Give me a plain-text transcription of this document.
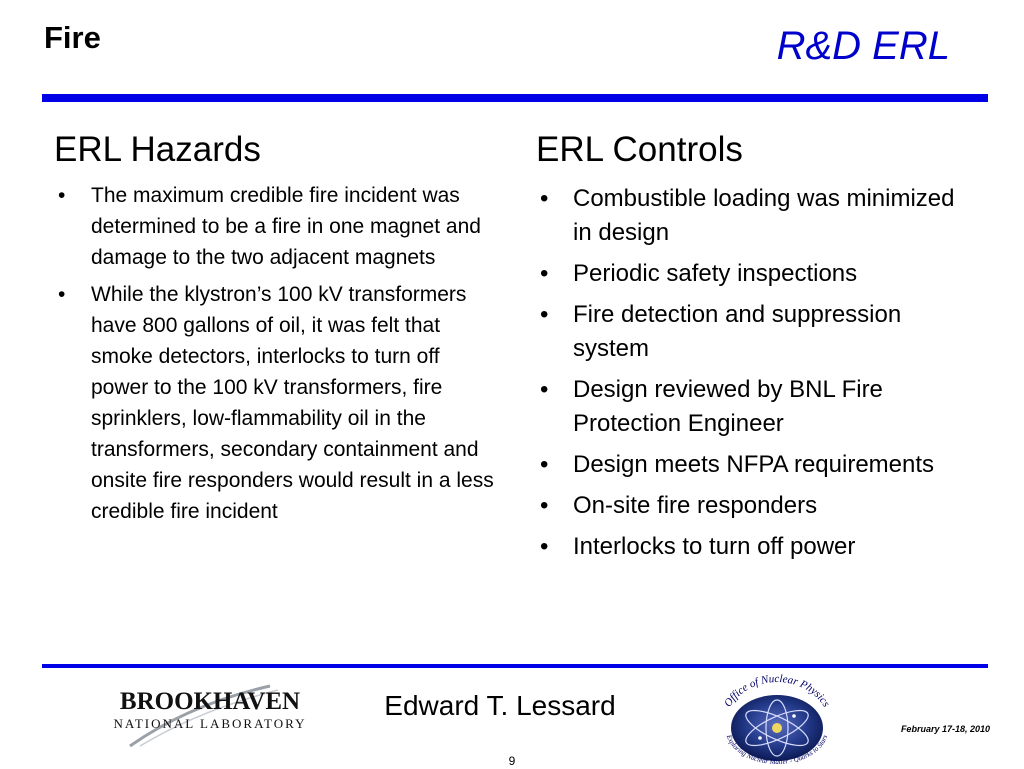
Fire	R&D ERL
ERL Hazards
• The maximum credible fire incident was determined to be a fire in one magnet and damage to the two adjacent magnets
• While the klystron’s 100 kV transformers have 800 gallons of oil, it was felt that smoke detectors, interlocks to turn off power to the 100 kV transformers, fire sprinklers, low-flammability oil in the transformers, secondary containment and onsite fire responders would result in a less credible fire incident
ERL Controls
• Combustible loading was minimized in design
• Periodic safety inspections
• Fire detection and suppression system
• Design reviewed by BNL Fire Protection Engineer
• Design meets NFPA requirements
• On-site fire responders
• Interlocks to turn off power
BROOKHAVEN
NATIONAL LABORATORY
Edward T. Lessard	Office of Nuclear Physics
Exploring Nuclear Matter - Quarks to Stars
February 17-18, 2010
9
